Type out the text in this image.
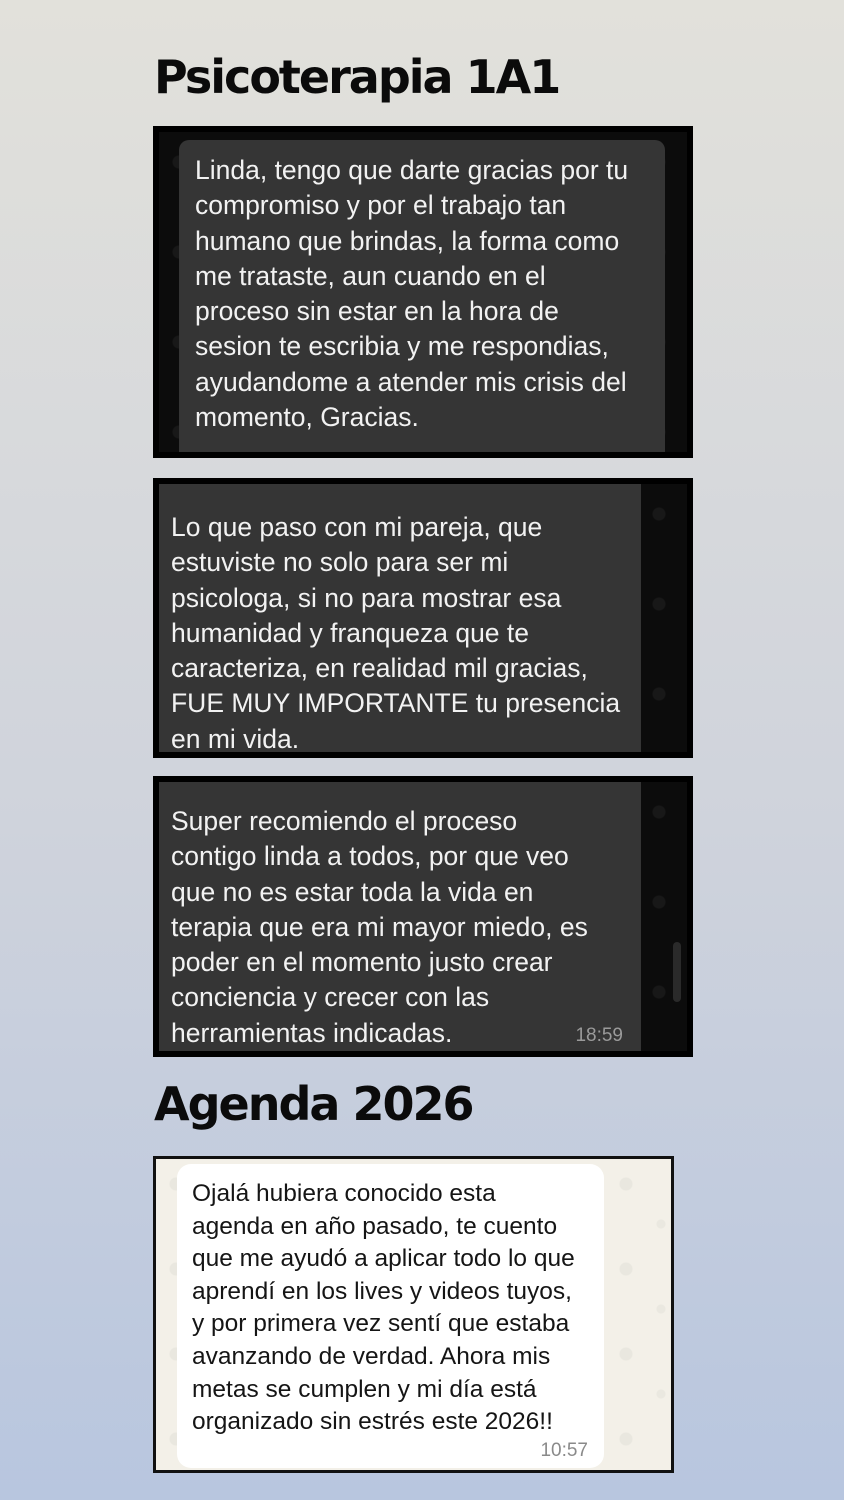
Psicoterapia 1A1

Linda, tengo que darte gracias por tu
compromiso y por el trabajo tan
humano que brindas, la forma como
me trataste, aun cuando en el
proceso sin estar en la hora de
sesion te escribia y me respondias,
ayudandome a atender mis crisis del
momento, Gracias.

Lo que paso con mi pareja, que
estuviste no solo para ser mi
psicologa, si no para mostrar esa
humanidad y franqueza que te
caracteriza, en realidad mil gracias,
FUE MUY IMPORTANTE tu presencia
en mi vida.

Super recomiendo el proceso
contigo linda a todos, por que veo
que no es estar toda la vida en
terapia que era mi mayor miedo, es
poder en el momento justo crear
conciencia y crecer con las
herramientas indicadas.	18:59
Agenda 2026

Ojalá hubiera conocido esta
agenda en año pasado, te cuento
que me ayudó a aplicar todo lo que
aprendí en los lives y videos tuyos,
y por primera vez sentí que estaba
avanzando de verdad. Ahora mis
metas se cumplen y mi día está
organizado sin estrés este 2026!!

10:57
